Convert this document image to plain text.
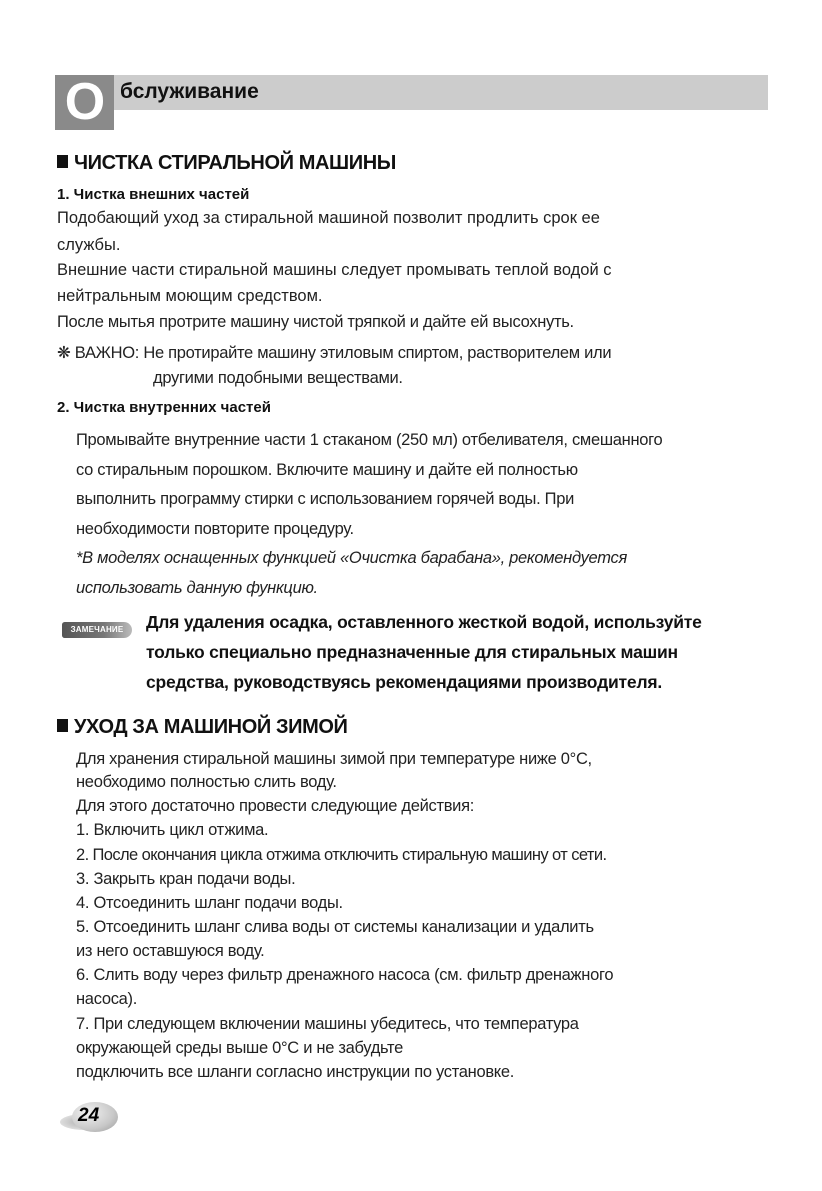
О бслуживание
ЧИСТКА СТИРАЛЬНОЙ МАШИНЫ
1. Чистка внешних частей
Подобающий уход за стиральной машиной позволит продлить срок ее
службы.
Внешние части стиральной машины следует промывать теплой водой с
нейтральным моющим средством.
После мытья протрите машину чистой тряпкой и дайте ей высохнуть.
❋ ВАЖНО: Не протирайте машину этиловым спиртом, растворителем или
другими подобными веществами.
2. Чистка внутренних частей
Промывайте внутренние части 1 стаканом (250 мл) отбеливателя, смешанного
со стиральным порошком. Включите машину и дайте ей полностью
выполнить программу стирки с использованием горячей воды. При
необходимости повторите процедуру.
*В моделях оснащенных функцией «Очистка барабана», рекомендуется
использовать данную функцию.
ЗАМЕЧАНИЕ	Для удаления осадка, оставленного жесткой водой, используйте
только специально предназначенные для стиральных машин
средства, руководствуясь рекомендациями производителя.
УХОД ЗА МАШИНОЙ ЗИМОЙ
Для хранения стиральной машины зимой при температуре ниже 0°C,
необходимо полностью слить воду.
Для этого достаточно провести следующие действия:
1. Включить цикл отжима.
2. После окончания цикла отжима отключить стиральную машину от сети.
3. Закрыть кран подачи воды.
4. Отсоединить шланг подачи воды.
5. Отсоединить шланг слива воды от системы канализации и удалить
из него оставшуюся воду.
6. Слить воду через фильтр дренажного насоса (см. фильтр дренажного
насоса).
7. При следующем включении машины убедитесь, что температура
окружающей среды выше 0°C и не забудьте
подключить все шланги согласно инструкции по установке.
24
